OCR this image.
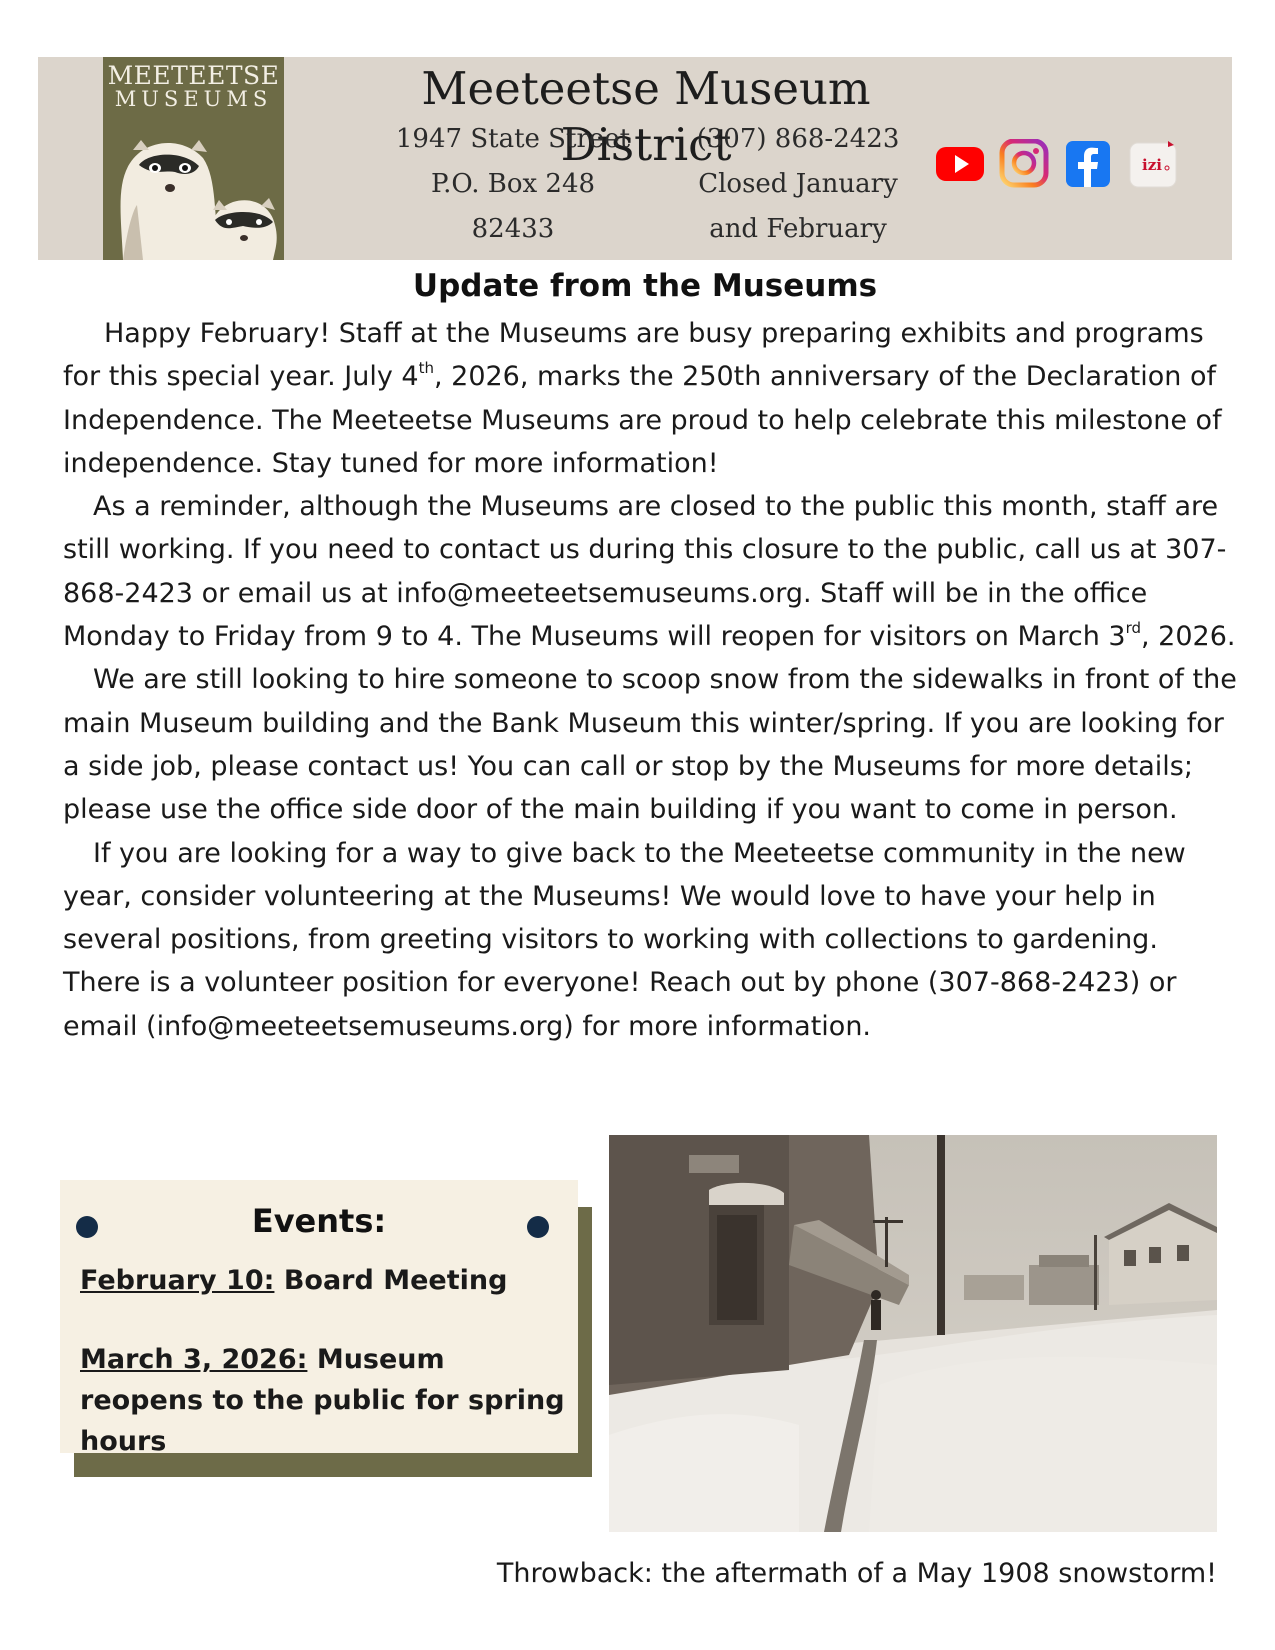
MEETEETSE
MUSEUMS	Meeteetse Museum District
1947 State Street
P.O. Box 248
82433
(307) 868-2423
Closed January
and February
izi
Update from the Museums

Happy February! Staff at the Museums are busy preparing exhibits and programs for this special year. July 4th, 2026, marks the 250th anniversary of the Declaration of Independence. The Meeteetse Museums are proud to help celebrate this milestone of independence. Stay tuned for more information!

As a reminder, although the Museums are closed to the public this month, staff are still working. If you need to contact us during this closure to the public, call us at 307-868-2423 or email us at info@meeteetsemuseums.org. Staff will be in the office Monday to Friday from 9 to 4. The Museums will reopen for visitors on March 3rd, 2026.

We are still looking to hire someone to scoop snow from the sidewalks in front of the main Museum building and the Bank Museum this winter/spring. If you are looking for a side job, please contact us! You can call or stop by the Museums for more details; please use the office side door of the main building if you want to come in person.

If you are looking for a way to give back to the Meeteetse community in the new year, consider volunteering at the Museums! We would love to have your help in several positions, from greeting visitors to working with collections to gardening. There is a volunteer position for everyone! Reach out by phone (307-868-2423) or email (info@meeteetsemuseums.org) for more information.

Events:

February 10: Board Meeting

March 3, 2026: Museum reopens to the public for spring hours

Throwback: the aftermath of a May 1908 snowstorm!
